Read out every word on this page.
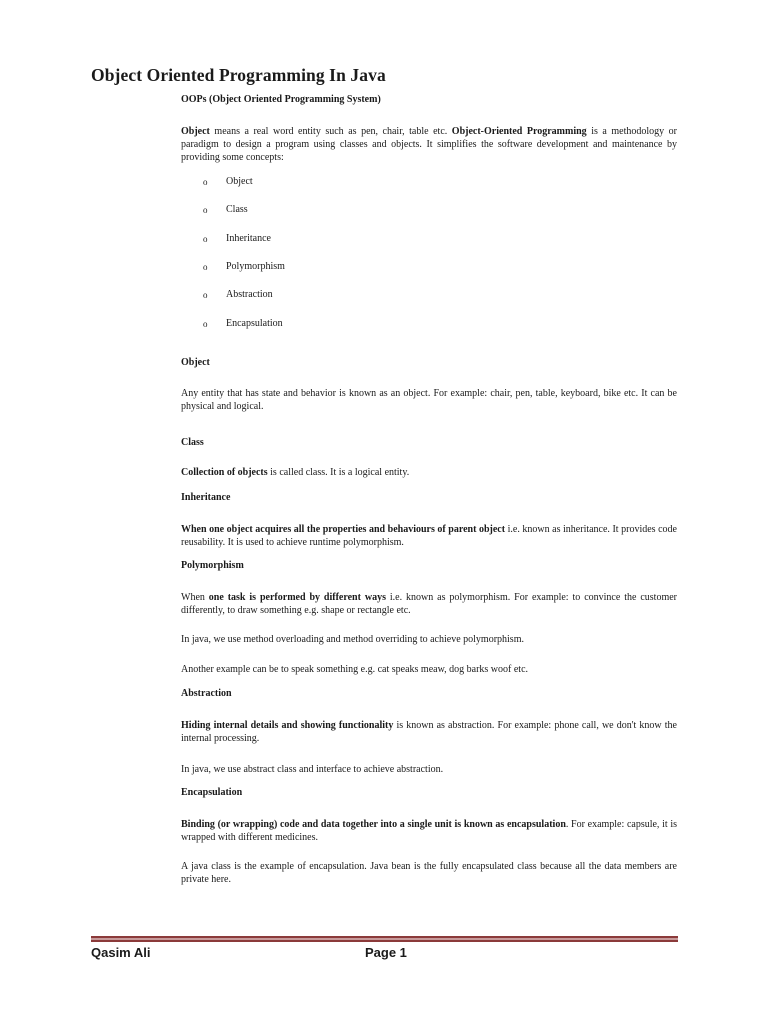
Object Oriented Programming In Java
OOPs (Object Oriented Programming System)
Object means a real word entity such as pen, chair, table etc. Object-Oriented Programming is a methodology or paradigm to design a program using classes and objects. It simplifies the software development and maintenance by providing some concepts:
o Object
o Class
o Inheritance
o Polymorphism
o Abstraction
o Encapsulation
Object
Any entity that has state and behavior is known as an object. For example: chair, pen, table, keyboard, bike etc. It can be physical and logical.
Class
Collection of objects is called class. It is a logical entity.
Inheritance
When one object acquires all the properties and behaviours of parent object i.e. known as inheritance. It provides code reusability. It is used to achieve runtime polymorphism.
Polymorphism
When one task is performed by different ways i.e. known as polymorphism. For example: to convince the customer differently, to draw something e.g. shape or rectangle etc.
In java, we use method overloading and method overriding to achieve polymorphism.
Another example can be to speak something e.g. cat speaks meaw, dog barks woof etc.
Abstraction
Hiding internal details and showing functionality is known as abstraction. For example: phone call, we don't know the internal processing.
In java, we use abstract class and interface to achieve abstraction.
Encapsulation
Binding (or wrapping) code and data together into a single unit is known as encapsulation. For example: capsule, it is wrapped with different medicines.
A java class is the example of encapsulation. Java bean is the fully encapsulated class because all the data members are private here.
Qasim Ali	Page 1
